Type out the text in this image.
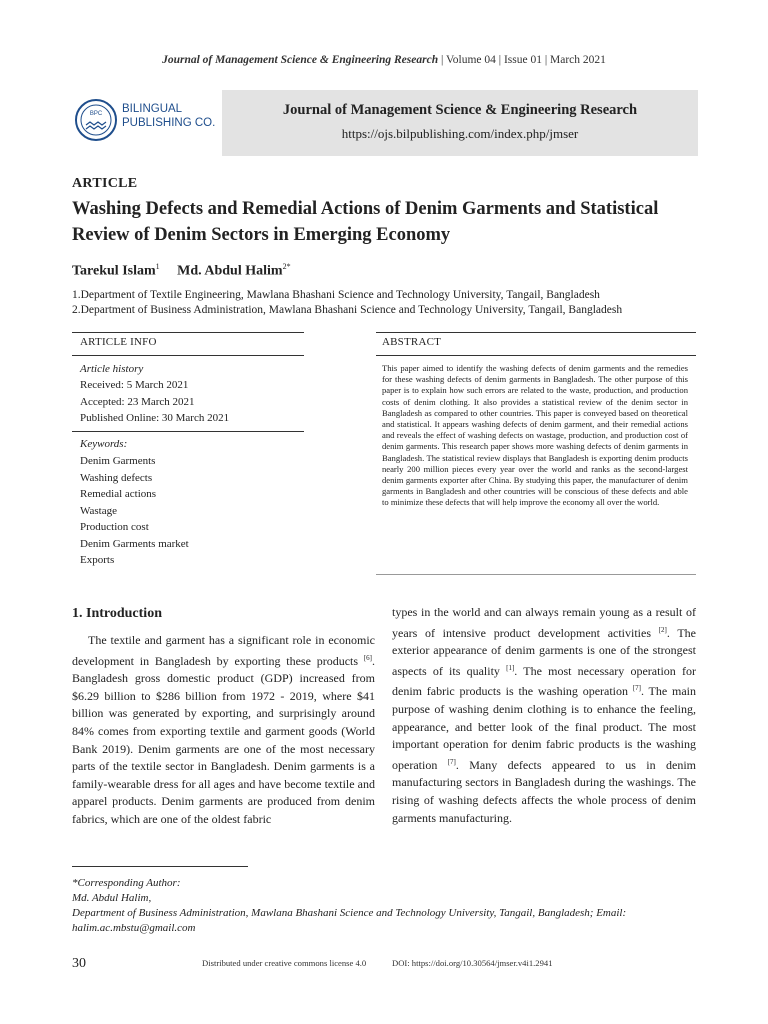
Journal of Management Science & Engineering Research | Volume 04 | Issue 01 | March 2021
BPC BILINGUAL
PUBLISHING CO.
Journal of Management Science & Engineering Research
https://ojs.bilpublishing.com/index.php/jmser
ARTICLE
Washing Defects and Remedial Actions of Denim Garments and Statistical Review of Denim Sectors in Emerging Economy
Tarekul Islam$^1$ Md. Abdul Halim$^{2*}$
1.Department of Textile Engineering, Mawlana Bhashani Science and Technology University, Tangail, Bangladesh
2.Department of Business Administration, Mawlana Bhashani Science and Technology University, Tangail, Bangladesh
ARTICLE INFO	ABSTRACT
Article history
Received: 5 March 2021
Accepted: 23 March 2021
Published Online: 30 March 2021
Keywords:
Denim Garments
Washing defects
Remedial actions
Wastage
Production cost
Denim Garments market
Exports
This paper aimed to identify the washing defects of denim garments and the remedies for these washing defects of denim garments in Bangladesh. The other purpose of this paper is to explain how such errors are related to the waste, production, and production costs of denim clothing. It also provides a statistical review of the denim sector in Bangladesh as compared to other countries. This paper is conveyed based on theoretical and statistical. It appears washing defects of denim garment, and their remedial actions and reveals the effect of washing defects on wastage, production, and production cost of denim garments. This research paper shows more washing defects of denim garments in Bangladesh. The statistical review displays that Bangladesh is exporting denim products nearly 200 million pieces every year over the world and ranks as the second-largest denim garments exporter after China. By studying this paper, the manufacturer of denim garments in Bangladesh and other countries will be conscious of these defects and able to minimize these defects that will help improve the economy all over the world.
1. Introduction
The textile and garment has a significant role in economic development in Bangladesh by exporting these products [6]. Bangladesh gross domestic product (GDP) increased from $6.29 billion to $286 billion from 1972 - 2019, where $41 billion was generated by exporting, and surprisingly around 84% comes from exporting textile and garment goods (World Bank 2019). Denim garments are one of the most necessary parts of the textile sector in Bangladesh. Denim garments is a family-wearable dress for all ages and have become textile and apparel products. Denim garments are produced from denim fabrics, which are one of the oldest fabric
types in the world and can always remain young as a result of years of intensive product development activities [2]. The exterior appearance of denim garments is one of the strongest aspects of its quality [1]. The most necessary operation for denim fabric products is the washing operation [7]. The main purpose of washing denim clothing is to enhance the feeling, appearance, and better look of the final product. The most important operation for denim fabric products is the washing operation [7]. Many defects appeared to us in denim manufacturing sectors in Bangladesh during the washings. The rising of washing defects affects the whole process of denim garments manufacturing.
*Corresponding Author:
Md. Abdul Halim,
Department of Business Administration, Mawlana Bhashani Science and Technology University, Tangail, Bangladesh; Email: halim.ac.mbstu@gmail.com
30	Distributed under creative commons license 4.0	DOI: https://doi.org/10.30564/jmser.v4i1.2941
